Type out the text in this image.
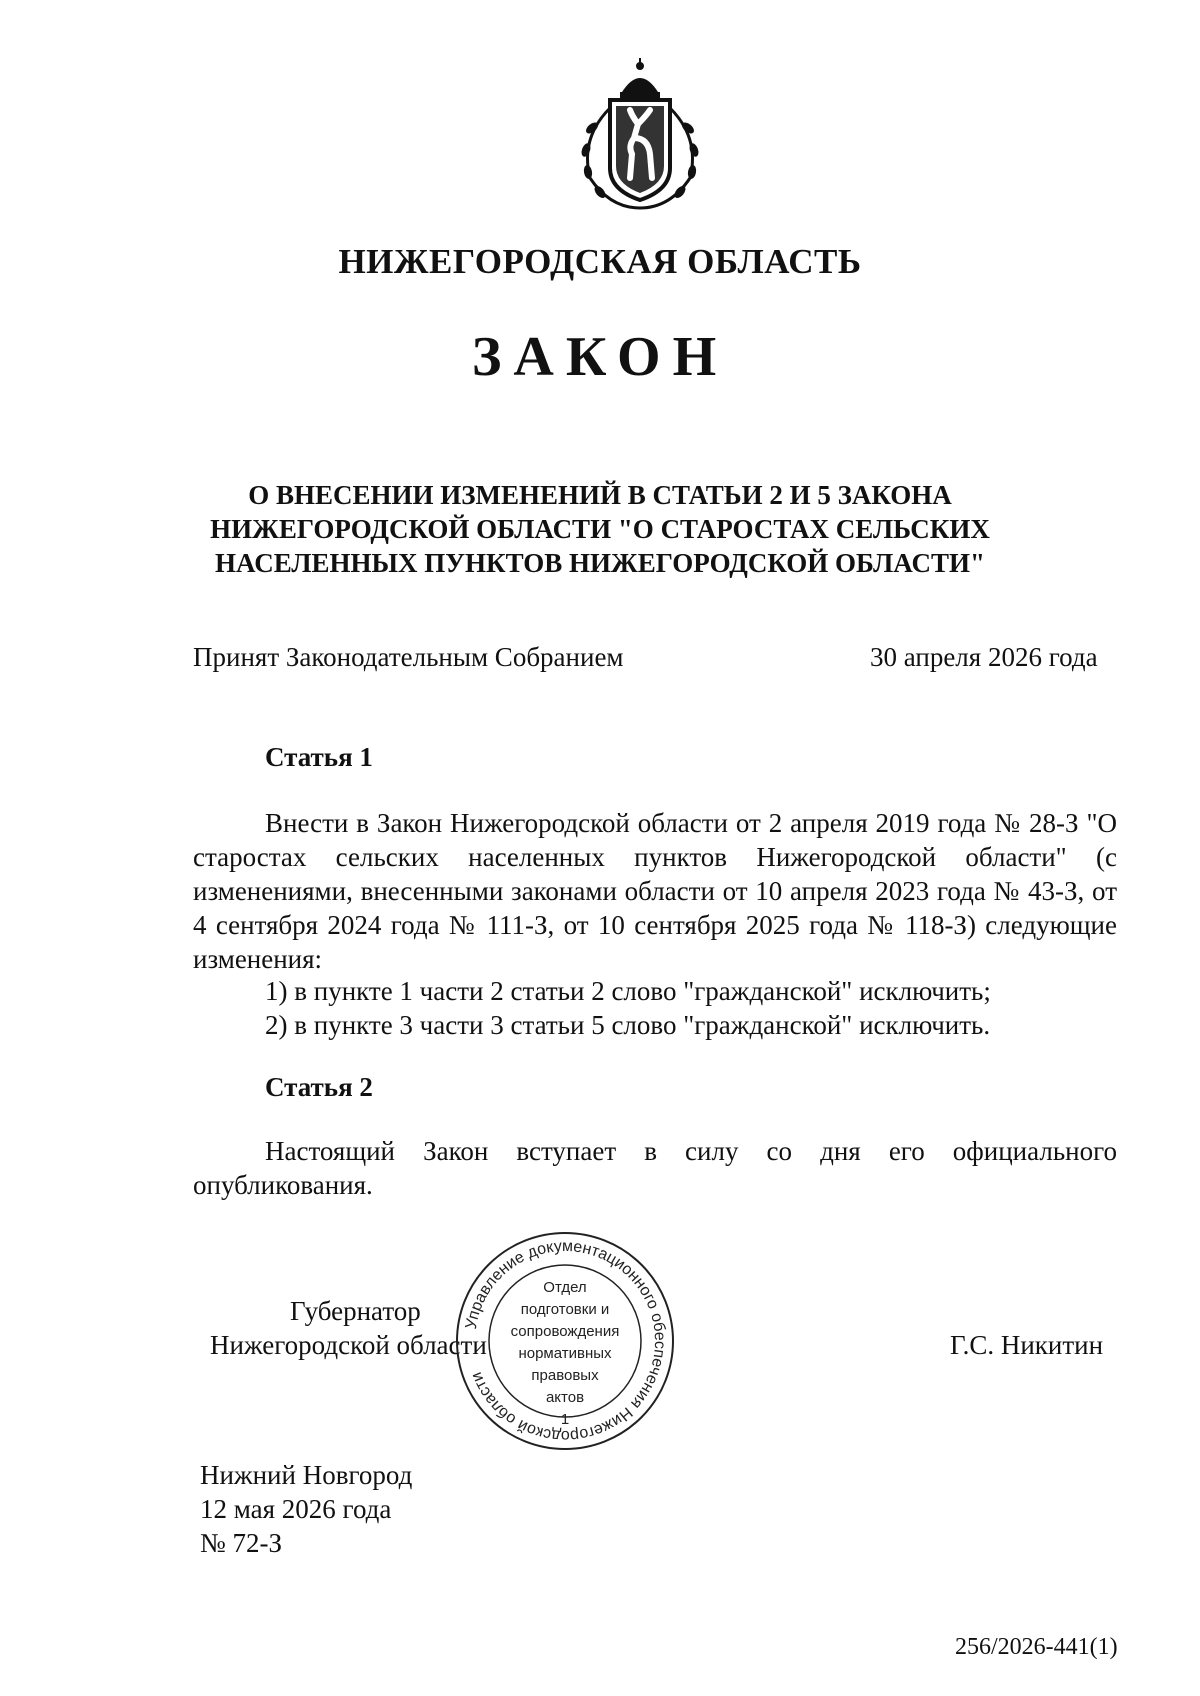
НИЖЕГОРОДСКАЯ ОБЛАСТЬ
ЗАКОН
О ВНЕСЕНИИ ИЗМЕНЕНИЙ В СТАТЬИ 2 И 5 ЗАКОНА
НИЖЕГОРОДСКОЙ ОБЛАСТИ "О СТАРОСТАХ СЕЛЬСКИХ
НАСЕЛЕННЫХ ПУНКТОВ НИЖЕГОРОДСКОЙ ОБЛАСТИ"
Принят Законодательным Собранием	30 апреля 2026 года
Статья 1
Внести в Закон Нижегородской области от 2 апреля 2019 года № 28-З "О старостах сельских населенных пунктов Нижегородской области" (с изменениями, внесенными законами области от 10 апреля 2023 года № 43-З, от 4 сентября 2024 года № 111-З, от 10 сентября 2025 года № 118-З) следующие изменения:
1) в пункте 1 части 2 статьи 2 слово "гражданской" исключить;
2) в пункте 3 части 3 статьи 5 слово "гражданской" исключить.
Статья 2
Настоящий Закон вступает в силу со дня его официального опубликования.
Губернатор
Нижегородской области	Г.С. Никитин
Управление документационного обеспечения Нижегородской области
Отдел
подготовки и
сопровождения
нормативных
правовых
актов
1
Нижний Новгород
12 мая 2026 года
№ 72-З
256/2026-441(1)
